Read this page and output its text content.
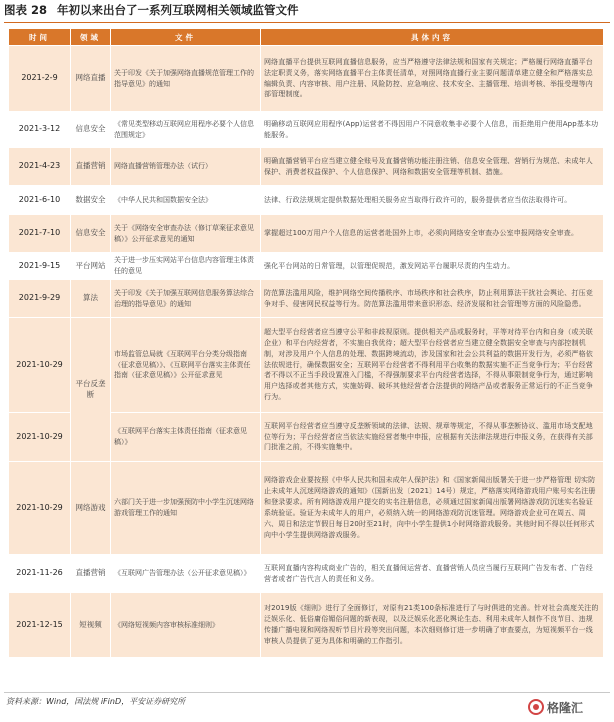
图表 28 年初以来出台了一系列互联网相关领域监管文件
时间	领域	文件	具体内容
2021-2-9	网络直播	关于印发《关于加强网络直播规范管理工作的指导意见》的通知	网络直播平台提供互联网直播信息服务，应当严格遵守法律法规和国家有关规定；严格履行网络直播平台法定职责义务，落实网络直播平台主体责任清单，对照网络直播行业主要问题清单建立健全和严格落实总编辑负责、内容审核、用户注册、风险防控、应急响应、技术安全、主播管理、培训考核、举报受理等内部管理制度。
2021-3-12	信息安全	《常见类型移动互联网应用程序必要个人信息范围规定》	明确移动互联网应用程序(App)运营者不得因用户不同意收集非必要个人信息，而拒绝用户使用App基本功能服务。
2021-4-23	直播营销	网络直播营销管理办法（试行）	明确直播营销平台应当建立健全账号及直播营销功能注册注销、信息安全管理、营销行为规范、未成年人保护、消费者权益保护、个人信息保护、网络和数据安全管理等机制、措施。
2021-6-10	数据安全	《中华人民共和国数据安全法》	法律、行政法规规定提供数据处理相关服务应当取得行政许可的，服务提供者应当依法取得许可。
2021-7-10	信息安全	关于《网络安全审查办法（修订草案征求意见稿）》公开征求意见的通知	掌握超过100万用户个人信息的运营者赴国外上市，必须向网络安全审查办公室申报网络安全审查。
2021-9-15	平台网站	关于进一步压实网站平台信息内容管理主体责任的意见	强化平台网站的日常管理，以管理促规范，激发网站平台履职尽责的内生动力。
2021-9-29	算法	关于印发《关于加强互联网信息服务算法综合治理的指导意见》的通知	防范算法滥用风险，维护网络空间传播秩序、市场秩序和社会秩序，防止利用算法干扰社会舆论、打压竞争对手、侵害网民权益等行为。防范算法滥用带来意识形态、经济发展和社会管理等方面的风险隐患。
2021-10-29	平台反垄断	市场监管总局就《互联网平台分类分级指南（征求意见稿）》、《互联网平台落实主体责任指南（征求意见稿）》公开征求意见	超大型平台经营者应当遵守公平和非歧视原则。提供相关产品或服务时，平等对待平台内和自身（或关联企业）和平台内经营者，不实施自我优待；超大型平台经营者应当建立健全数据安全审查与内部控制机制，对涉及用户个人信息的处理、数据跨境流动，涉及国家和社会公共利益的数据开发行为，必须严格依法依规进行，确保数据安全；互联网平台经营者不得利用平台收集的数据实施不正当竞争行为；平台经营者不得以不正当手段设置准入门槛，不得强制要求平台内经营者选择，不得从事限制竞争行为，通过影响用户选择或者其他方式，实施妨碍、破坏其他经营者合法提供的网络产品或者服务正常运行的不正当竞争行为。
2021-10-29		《互联网平台落实主体责任指南（征求意见稿）》	互联网平台经营者应当遵守反垄断领域的法律、法规、规章等规定，不得从事垄断协议、滥用市场支配地位等行为；平台经营者应当依法实施经营者集中申报，应根据有关法律法规进行申报义务，在获得有关部门批准之前，不得实施集中。
2021-10-29	网络游戏	六部门关于进一步加强预防中小学生沉迷网络游戏管理工作的通知	网络游戏企业要按照《中华人民共和国未成年人保护法》和《国家新闻出版署关于进一步严格管理 切实防止未成年人沉迷网络游戏的通知》（国新出发〔2021〕14号）规定，严格落实网络游戏用户账号实名注册和登录要求。所有网络游戏用户提交的实名注册信息，必须通过国家新闻出版署网络游戏防沉迷实名验证系统验证。验证为未成年人的用户，必须纳入统一的网络游戏防沉迷管理。网络游戏企业可在周五、周六、周日和法定节假日每日20时至21时，向中小学生提供1小时网络游戏服务。其他时间不得以任何形式向中小学生提供网络游戏服务。
2021-11-26	直播营销	《互联网广告管理办法（公开征求意见稿）》	互联网直播内容构成商业广告的，相关直播间运营者、直播营销人员应当履行互联网广告发布者、广告经营者或者广告代言人的责任和义务。
2021-12-15	短视频	《网络短视频内容审核标准细则》	对2019版《细则》进行了全面修订，对原有21类100条标准进行了与时俱进的完善。针对社会高度关注的泛娱乐化、低俗庸俗媚俗问题的新表现，以及泛娱乐化恶化舆论生态、利用未成年人制作不良节目、违规传播广播电视和网络视听节目片段等突出问题，本次细则修订进一步明确了审查要点，为短视频平台一线审核人员提供了更为具体和明确的工作指引。
资料来源：Wind，国法规 iFinD，平安证券研究所	格隆汇
